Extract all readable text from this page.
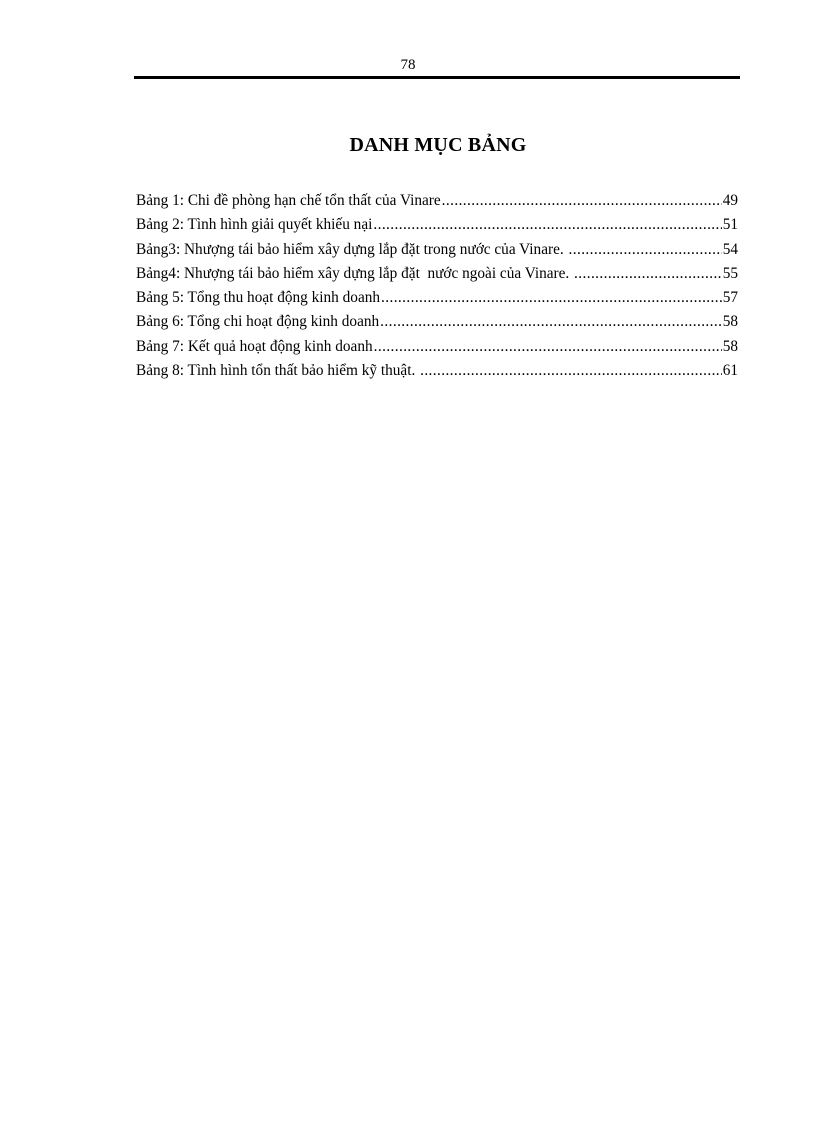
78
DANH MỤC BẢNG
Bảng 1: Chi đề phòng hạn chế tổn thất của Vinare .....	49
Bảng 2: Tình hình giải quyết khiếu nại .....	51
Bảng3: Nhượng tái bảo hiểm xây dựng lắp đặt trong nước của Vinare. .....	54
Bảng4: Nhượng tái bảo hiểm xây dựng lắp đặt  nước ngoài của Vinare. .....	55
Bảng 5: Tổng thu hoạt động kinh doanh .....	57
Bảng 6: Tổng chi hoạt động kinh doanh .....	58
Bảng 7: Kết quả hoạt động kinh doanh .....	58
Bảng 8: Tình hình tổn thất bảo hiểm kỹ thuật. .....	61
